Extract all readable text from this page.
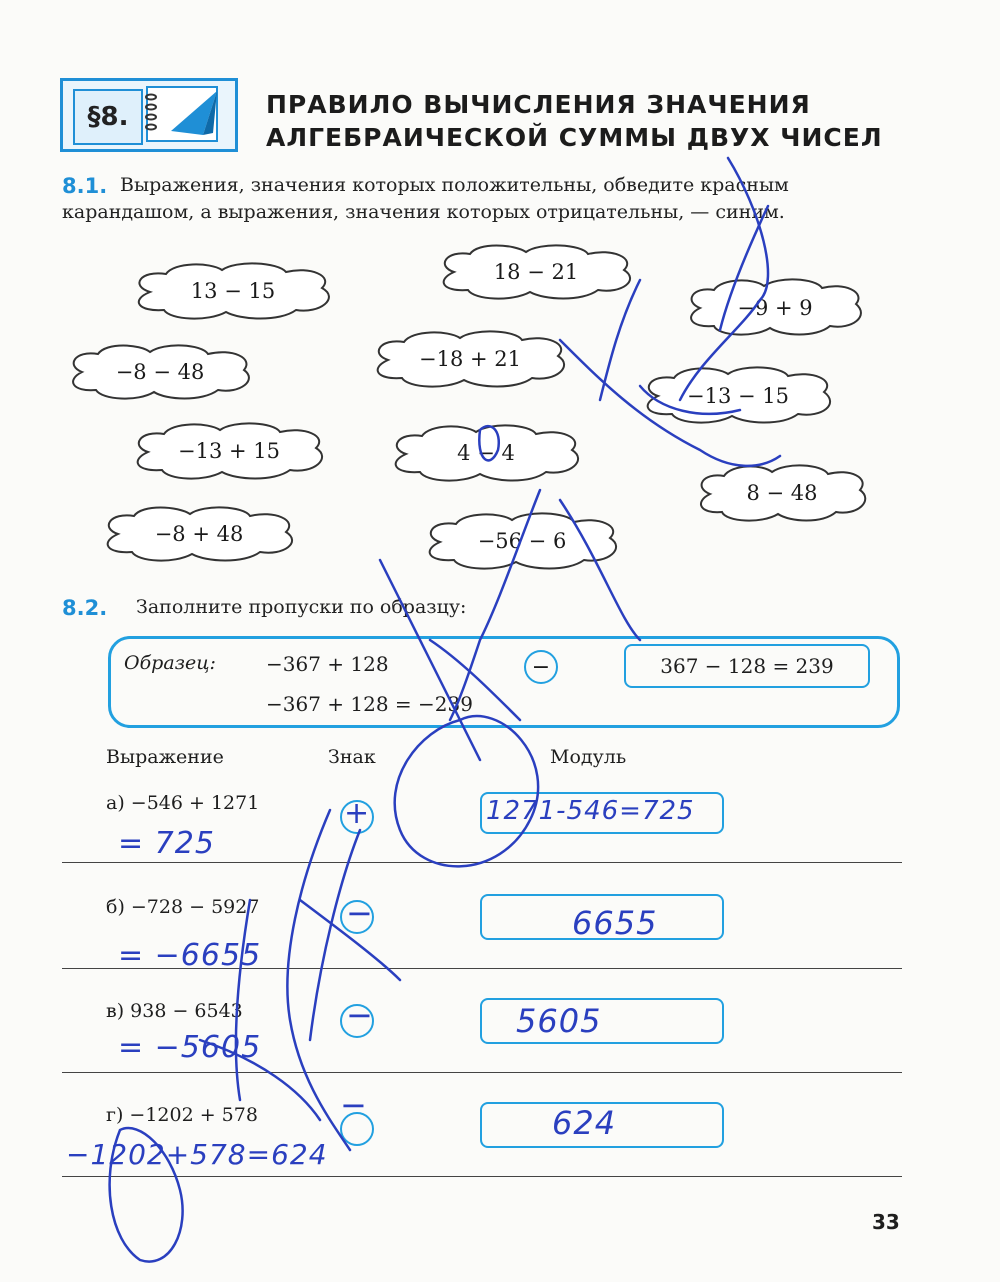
§8.	ПРАВИЛО ВЫЧИСЛЕНИЯ ЗНАЧЕНИЯ
АЛГЕБРАИЧЕСКОЙ СУММЫ ДВУХ ЧИСЕЛ
8.1. Выражения, значения которых положительны, обведите красным
карандашом, а выражения, значения которых отрицательны, — синим.
13 − 15
18 − 21
−9 + 9
−8 − 48
−18 + 21
−13 − 15
−13 + 15	4 − 4
8 − 48
−8 + 48	−56 − 6
8.2. Заполните пропуски по образцу:
Образец:	−367 + 128
−367 + 128 = −239
−	367 − 128 = 239
Выражение	Знак	Модуль
а) −546 + 1271
= 725
+	1271-546=725
б) −728 − 5927
= −6655
−	6655
в) 938 − 6543
= −5605
−	5605
г) −1202 + 578
−1202+578=624
−	624
33
